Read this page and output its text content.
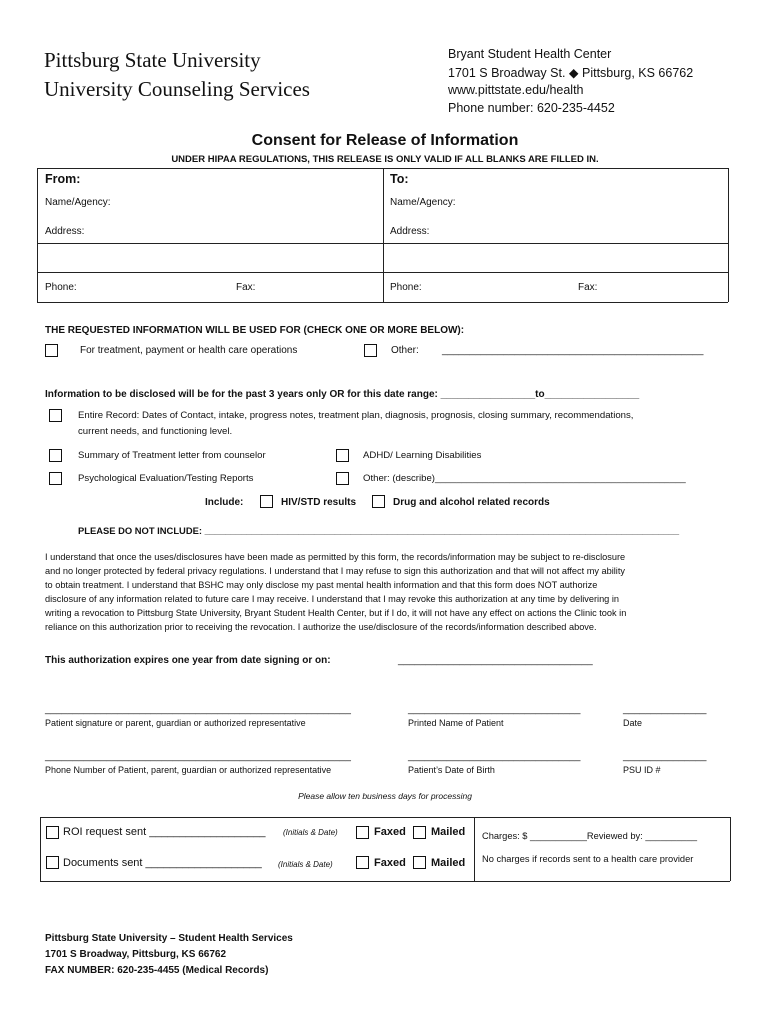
Pittsburg State University
University Counseling Services
Bryant Student Health Center
1701 S Broadway St. ◆ Pittsburg, KS 66762
www.pittstate.edu/health
Phone number: 620-235-4452
Consent for Release of Information
UNDER HIPAA REGULATIONS, THIS RELEASE IS ONLY VALID IF ALL BLANKS ARE FILLED IN.
From:
Name/Agency:
Address:
Phone:	Fax:
To:
Name/Agency:
Address:
Phone:	Fax:
THE REQUESTED INFORMATION WILL BE USED FOR (CHECK ONE OR MORE BELOW):
For treatment, payment or health care operations	Other: _______________________________________________
Information to be disclosed will be for the past 3 years only OR for this date range: _________________to_________________
Entire Record: Dates of Contact, intake, progress notes, treatment plan, diagnosis, prognosis, closing summary, recommendations,
current needs, and functioning level.
Summary of Treatment letter from counselor	ADHD/ Learning Disabilities
Psychological Evaluation/Testing Reports	Other: (describe)_______________________________________________
Include:	HIV/STD results	Drug and alcohol related records
PLEASE DO NOT INCLUDE: ___________________________________________________________________________________________
I understand that once the uses/disclosures have been made as permitted by this form, the records/information may be subject to re-disclosure
and no longer protected by federal privacy regulations. I understand that I may refuse to sign this authorization and that will not affect my ability
to obtain treatment. I understand that BSHC may only disclose my past mental health information and that this form does NOT authorize
disclosure of any information related to future care I may receive. I understand that I may revoke this authorization at any time by delivering in
writing a revocation to Pittsburg State University, Bryant Student Health Center, but if I do, it will not have any effect on actions the Clinic took in
reliance on this authorization prior to receiving the revocation. I authorize the use/disclosure of the records/information described above.
This authorization expires one year from date signing or on:	___________________________________
_______________________________________________________	_______________________________	_______________
Patient signature or parent, guardian or authorized representative	Printed Name of Patient	Date
_______________________________________________________	_______________________________	_______________
Phone Number of Patient, parent, guardian or authorized representative	Patient’s Date of Birth	PSU ID #
Please allow ten business days for processing
ROI request sent ___________________ (Initials & Date)	Faxed Mailed
Documents sent ___________________ (Initials & Date)	Faxed Mailed
Charges: $ ___________Reviewed by: __________
No charges if records sent to a health care provider
Pittsburg State University – Student Health Services
1701 S Broadway, Pittsburg, KS 66762
FAX NUMBER: 620-235-4455 (Medical Records)
